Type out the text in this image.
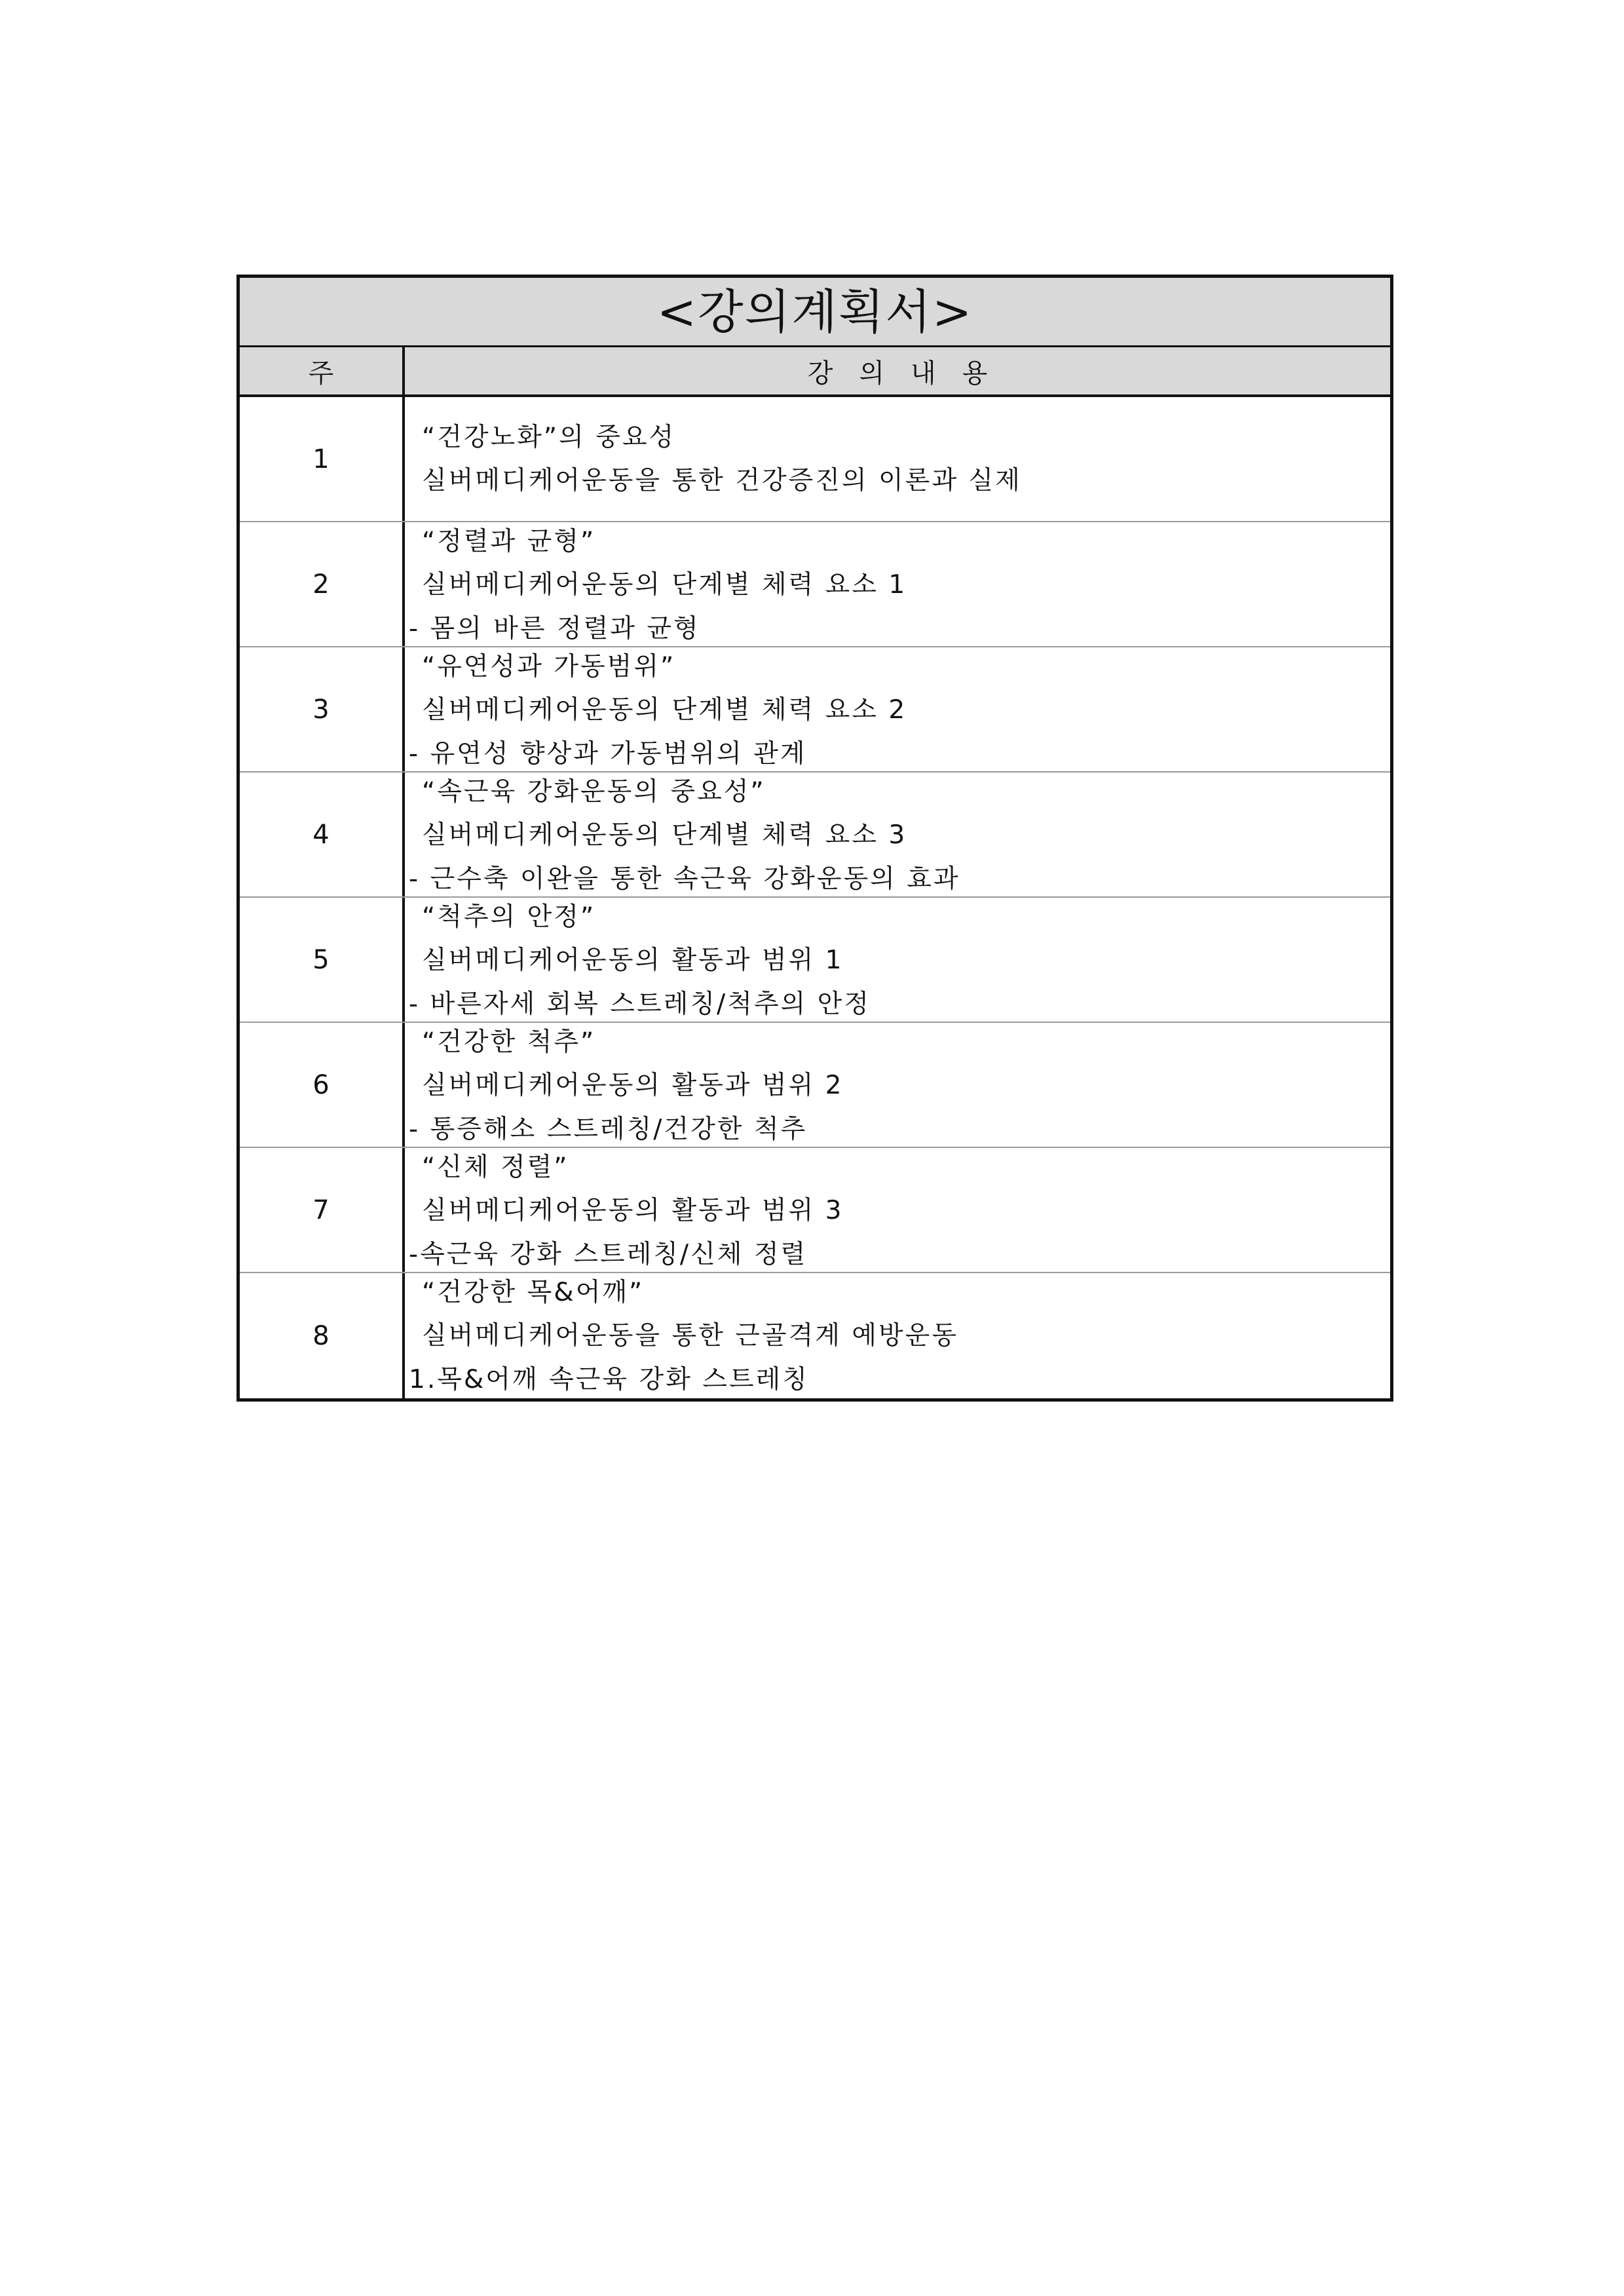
<강의계획서>
주	강의내용
1
“건강노화”의 중요성
실버메디케어운동을 통한 건강증진의 이론과 실제
2
“정렬과 균형”
실버메디케어운동의 단계별 체력 요소 1
- 몸의 바른 정렬과 균형
3
“유연성과 가동범위”
실버메디케어운동의 단계별 체력 요소 2
- 유연성 향상과 가동범위의 관계
4
“속근육 강화운동의 중요성”
실버메디케어운동의 단계별 체력 요소 3
- 근수축 이완을 통한 속근육 강화운동의 효과
5
“척추의 안정”
실버메디케어운동의 활동과 범위 1
- 바른자세 회복 스트레칭/척추의 안정
6
“건강한 척추”
실버메디케어운동의 활동과 범위 2
- 통증해소 스트레칭/건강한 척추
7
“신체 정렬”
실버메디케어운동의 활동과 범위 3
-속근육 강화 스트레칭/신체 정렬
8
“건강한 목&어깨”
실버메디케어운동을 통한 근골격계 예방운동
1.목&어깨 속근육 강화 스트레칭
